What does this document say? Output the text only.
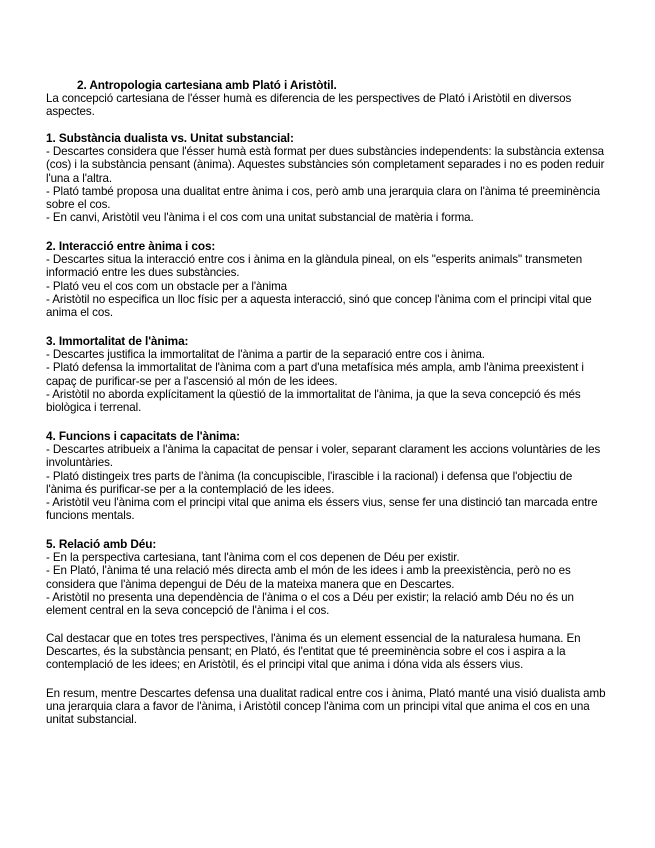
2. Antropologia cartesiana amb Plató i Aristòtil.

La concepció cartesiana de l'ésser humà es diferencia de les perspectives de Plató i Aristòtil en diversos aspectes.

1. Substància dualista vs. Unitat substancial:

- Descartes considera que l'ésser humà està format per dues substàncies independents: la substància extensa (cos) i la substància pensant (ànima). Aquestes substàncies són completament separades i no es poden reduir l'una a l'altra.

- Plató també proposa una dualitat entre ànima i cos, però amb una jerarquia clara on l'ànima té preeminència sobre el cos.

- En canvi, Aristòtil veu l'ànima i el cos com una unitat substancial de matèria i forma.

2. Interacció entre ànima i cos:

- Descartes situa la interacció entre cos i ànima en la glàndula pineal, on els "esperits animals" transmeten informació entre les dues substàncies.

- Plató veu el cos com un obstacle per a l'ànima

- Aristòtil no especifica un lloc físic per a aquesta interacció, sinó que concep l'ànima com el principi vital que anima el cos.

3. Immortalitat de l'ànima:

- Descartes justifica la immortalitat de l'ànima a partir de la separació entre cos i ànima.

- Plató defensa la immortalitat de l'ànima com a part d'una metafísica més ampla, amb l'ànima preexistent i capaç de purificar-se per a l'ascensió al món de les idees.

- Aristòtil no aborda explícitament la qüestió de la immortalitat de l'ànima, ja que la seva concepció és més biològica i terrenal.

4. Funcions i capacitats de l'ànima:

- Descartes atribueix a l'ànima la capacitat de pensar i voler, separant clarament les accions voluntàries de les involuntàries.

- Plató distingeix tres parts de l'ànima (la concupiscible, l'irascible i la racional) i defensa que l'objectiu de l'ànima és purificar-se per a la contemplació de les idees.

- Aristòtil veu l'ànima com el principi vital que anima els éssers vius, sense fer una distinció tan marcada entre funcions mentals.

5. Relació amb Déu:

- En la perspectiva cartesiana, tant l'ànima com el cos depenen de Déu per existir.

- En Plató, l'ànima té una relació més directa amb el món de les idees i amb la preexistència, però no es considera que l'ànima depengui de Déu de la mateixa manera que en Descartes.

- Aristòtil no presenta una dependència de l'ànima o el cos a Déu per existir; la relació amb Déu no és un element central en la seva concepció de l'ànima i el cos.

Cal destacar que en totes tres perspectives, l'ànima és un element essencial de la naturalesa humana. En Descartes, és la substància pensant; en Plató, és l'entitat que té preeminència sobre el cos i aspira a la contemplació de les idees; en Aristòtil, és el principi vital que anima i dóna vida als éssers vius.

En resum, mentre Descartes defensa una dualitat radical entre cos i ànima, Plató manté una visió dualista amb una jerarquia clara a favor de l'ànima, i Aristòtil concep l'ànima com un principi vital que anima el cos en una unitat substancial.
